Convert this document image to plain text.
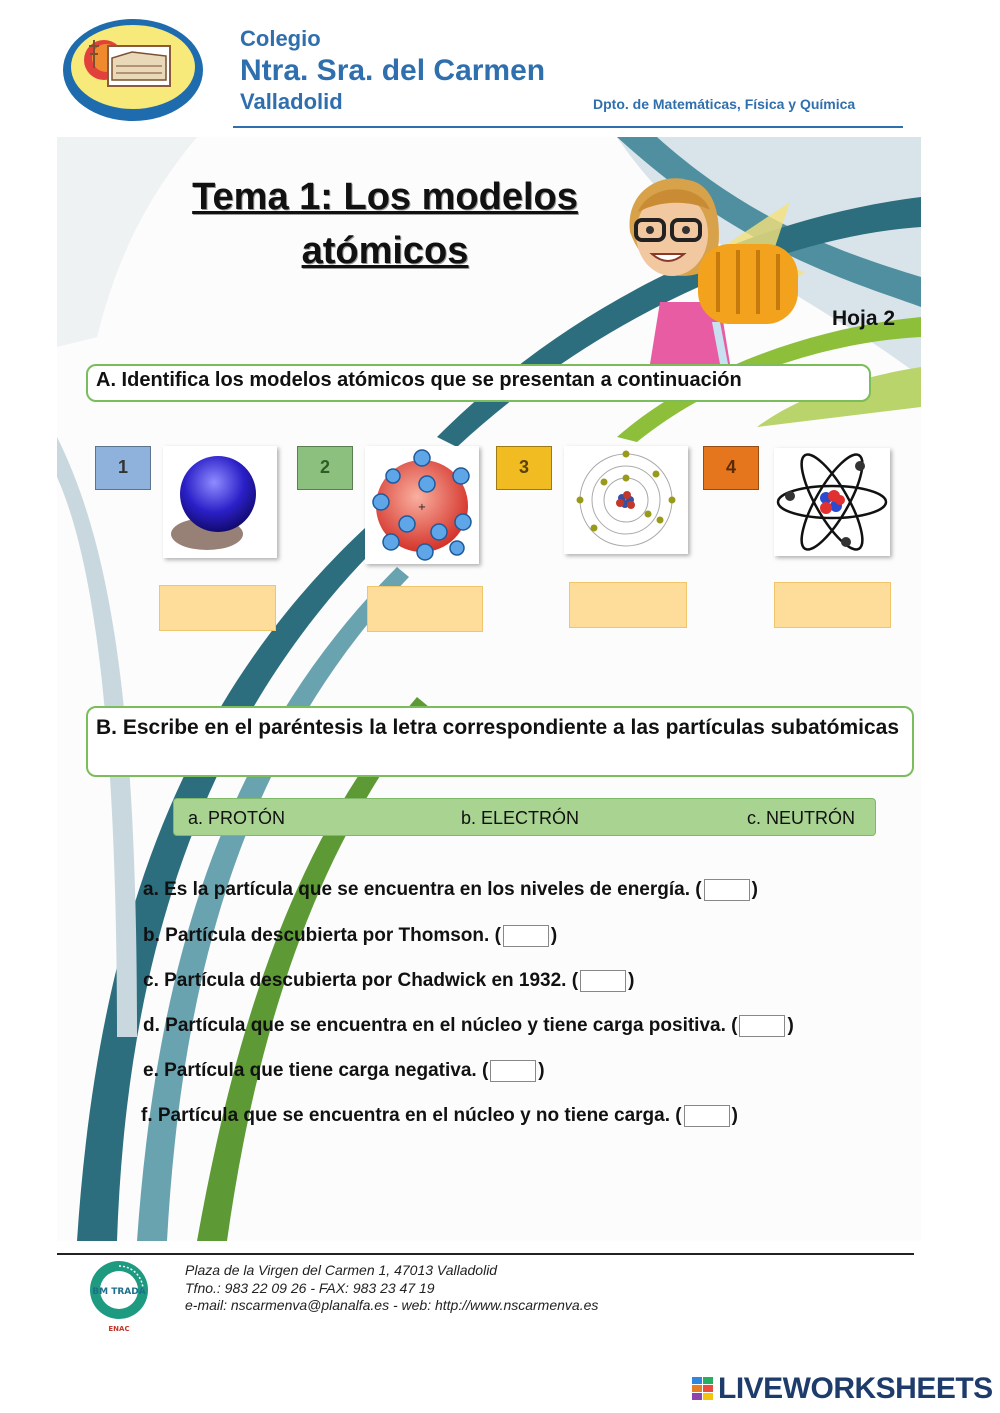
Colegio
Ntra. Sra. del Carmen
Valladolid	Dpto. de Matemáticas, Física y Química
Tema 1: Los modelos
atómicos
Hoja 2
A. Identifica los modelos atómicos que se presentan a continuación
1	2	3	4
+
B. Escribe en el paréntesis la letra correspondiente a las partículas subatómicas
a. PROTÓN	b. ELECTRÓN	c. NEUTRÓN
a. Es la partícula que se encuentra en los niveles de energía. (	)
b. Partícula descubierta por Thomson. (	)
c. Partícula descubierta por Chadwick en 1932. (	)
d. Partícula que se encuentra en el núcleo y tiene carga positiva. (	)
e. Partícula que tiene carga negativa. (	)
f. Partícula que se encuentra en el núcleo y no tiene carga. (	)
BM TRADA
ENAC
Plaza de la Virgen del Carmen 1, 47013 Valladolid
Tfno.: 983 22 09 26 - FAX: 983 23 47 19
e-mail: nscarmenva@planalfa.es - web: http://www.nscarmenva.es
LIVEWORKSHEETS
